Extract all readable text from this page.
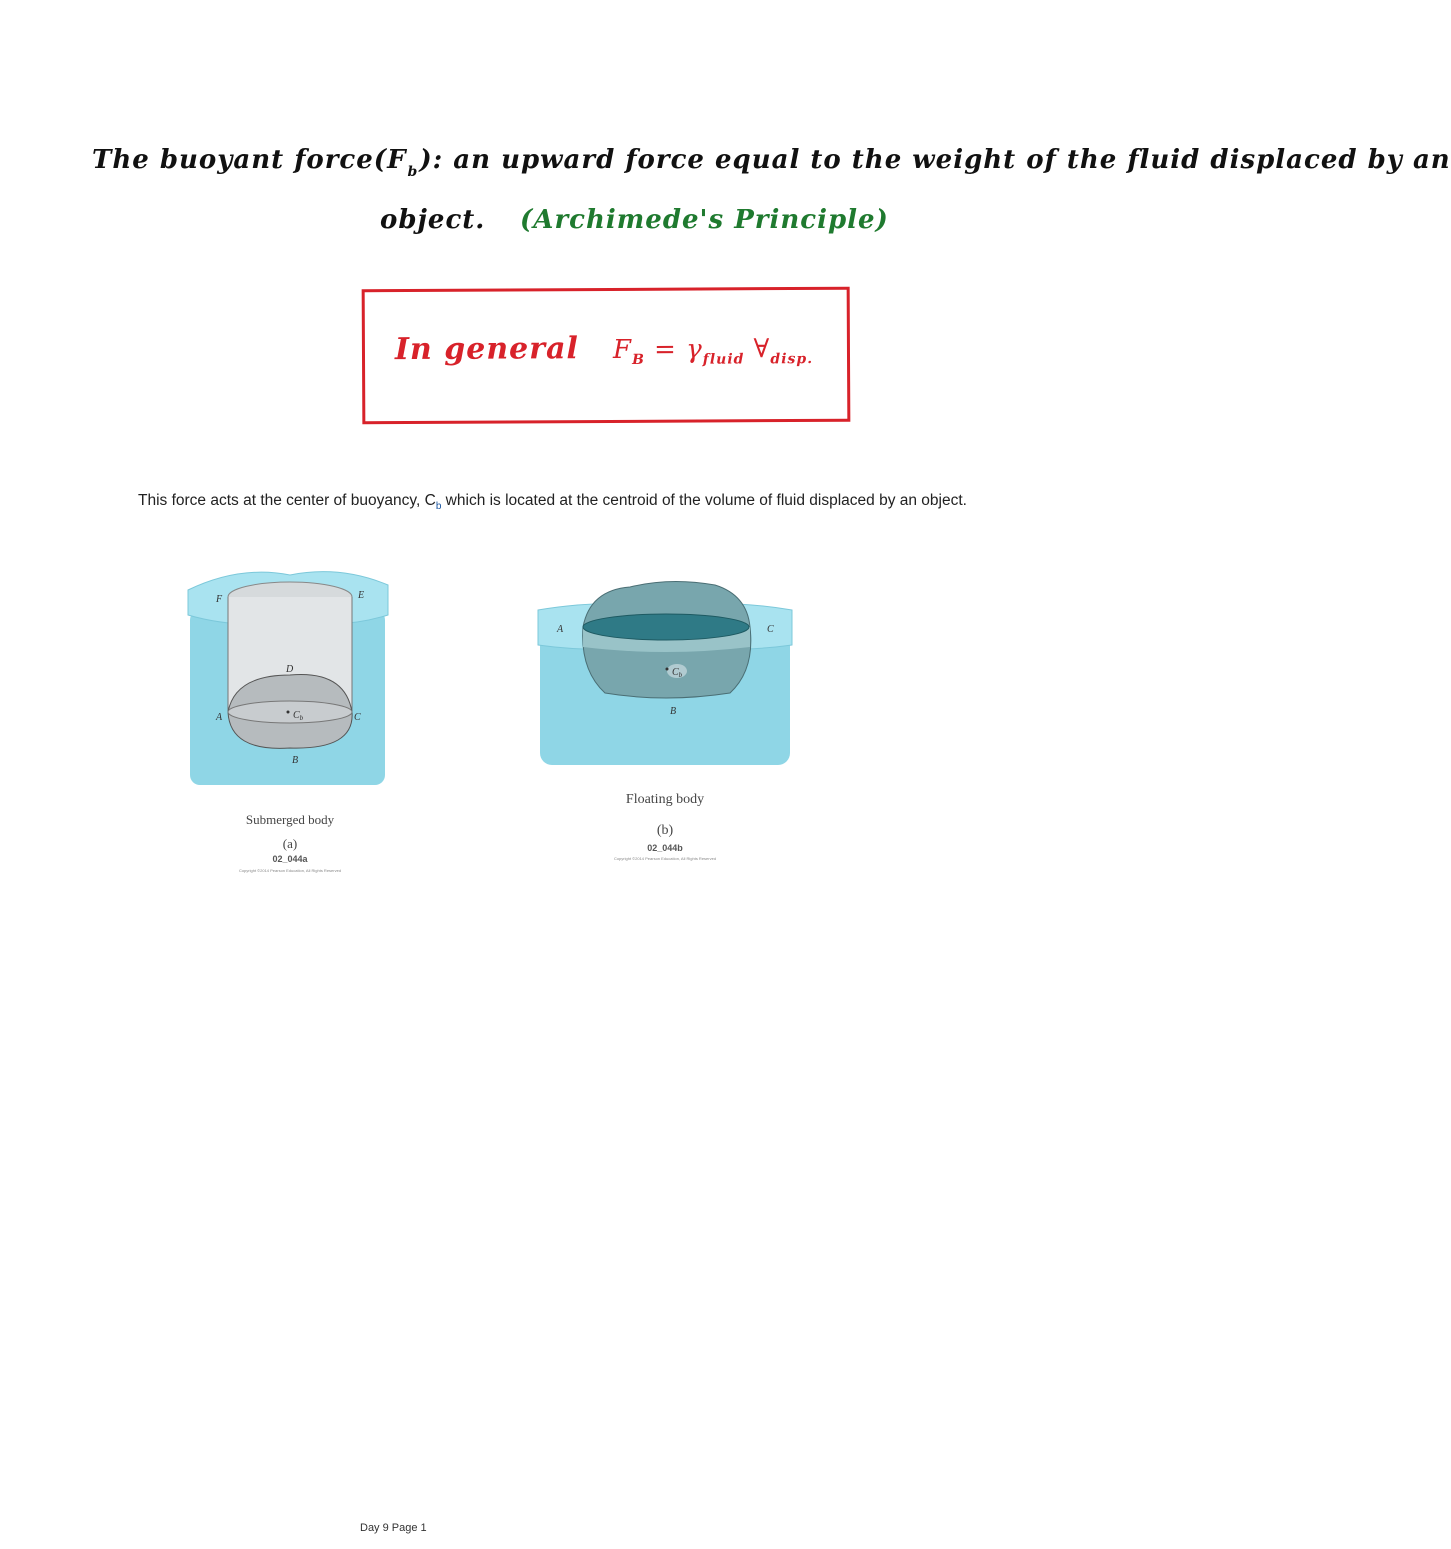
The buoyant $force(F_b)$: an upward force equal to the weight of the fluid displaced by an
object. (Archimede's Principle)
In general $F_B = \gamma_{fluid}$ $\forall_{disp.}$
This force acts at the center of buoyancy, $C_b$ which is located at the centroid of the volume of fluid displaced by an object.
F	E
D
A	C
B
$C_b$
Submerged body
(a)
02_044a
Copyright ©2014 Pearson Education, All Rights Reserved
A	C
B
$C_b$
Floating body
(b)
02_044b
Copyright ©2014 Pearson Education, All Rights Reserved
Day 9 Page 1
